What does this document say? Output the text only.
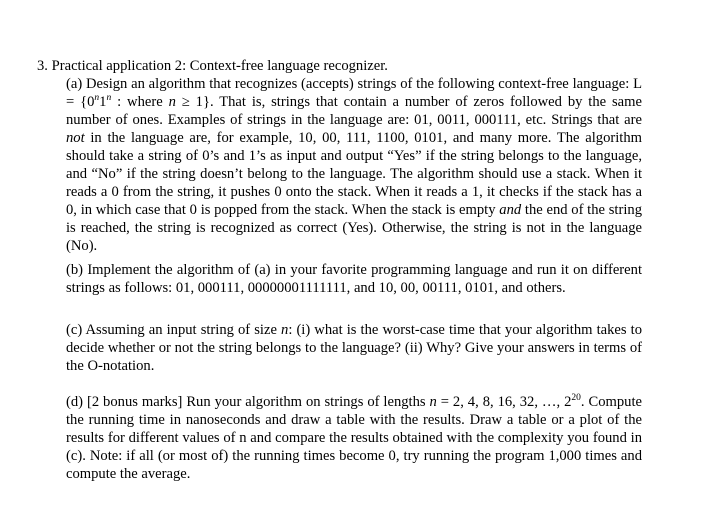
3. Practical application 2: Context-free language recognizer.

(a) Design an algorithm that recognizes (accepts) strings of the following context-free language: $L = \{0^n1^n$ : where n ≥ 1}. That is, strings that contain a number of zeros followed by the same number of ones. Examples of strings in the language are: 01, 0011, 000111, etc. Strings that are not in the language are, for example, 10, 00, 111, 1100, 0101, and many more. The algorithm should take a string of 0’s and 1’s as input and output “Yes” if the string belongs to the language, and “No” if the string doesn’t belong to the language. The algorithm should use a stack. When it reads a 0 from the string, it pushes 0 onto the stack. When it reads a 1, it checks if the stack has a 0, in which case that 0 is popped from the stack. When the stack is empty and the end of the string is reached, the string is recognized as correct (Yes). Otherwise, the string is not in the language (No).

(b) Implement the algorithm of (a) in your favorite programming language and run it on different strings as follows: 01, 000111, 00000001111111, and 10, 00, 00111, 0101, and others.

(c) Assuming an input string of size n: (i) what is the worst-case time that your algorithm takes to decide whether or not the string belongs to the language? (ii) Why? Give your answers in terms of the O-notation.

(d) [2 bonus marks] Run your algorithm on strings of lengths n = 2, 4, 8, 16, 32, …, $2^{20}$. Compute the running time in nanoseconds and draw a table with the results. Draw a table or a plot of the results for different values of n and compare the results obtained with the complexity you found in (c). Note: if all (or most of) the running times become 0, try running the program 1,000 times and compute the average.
